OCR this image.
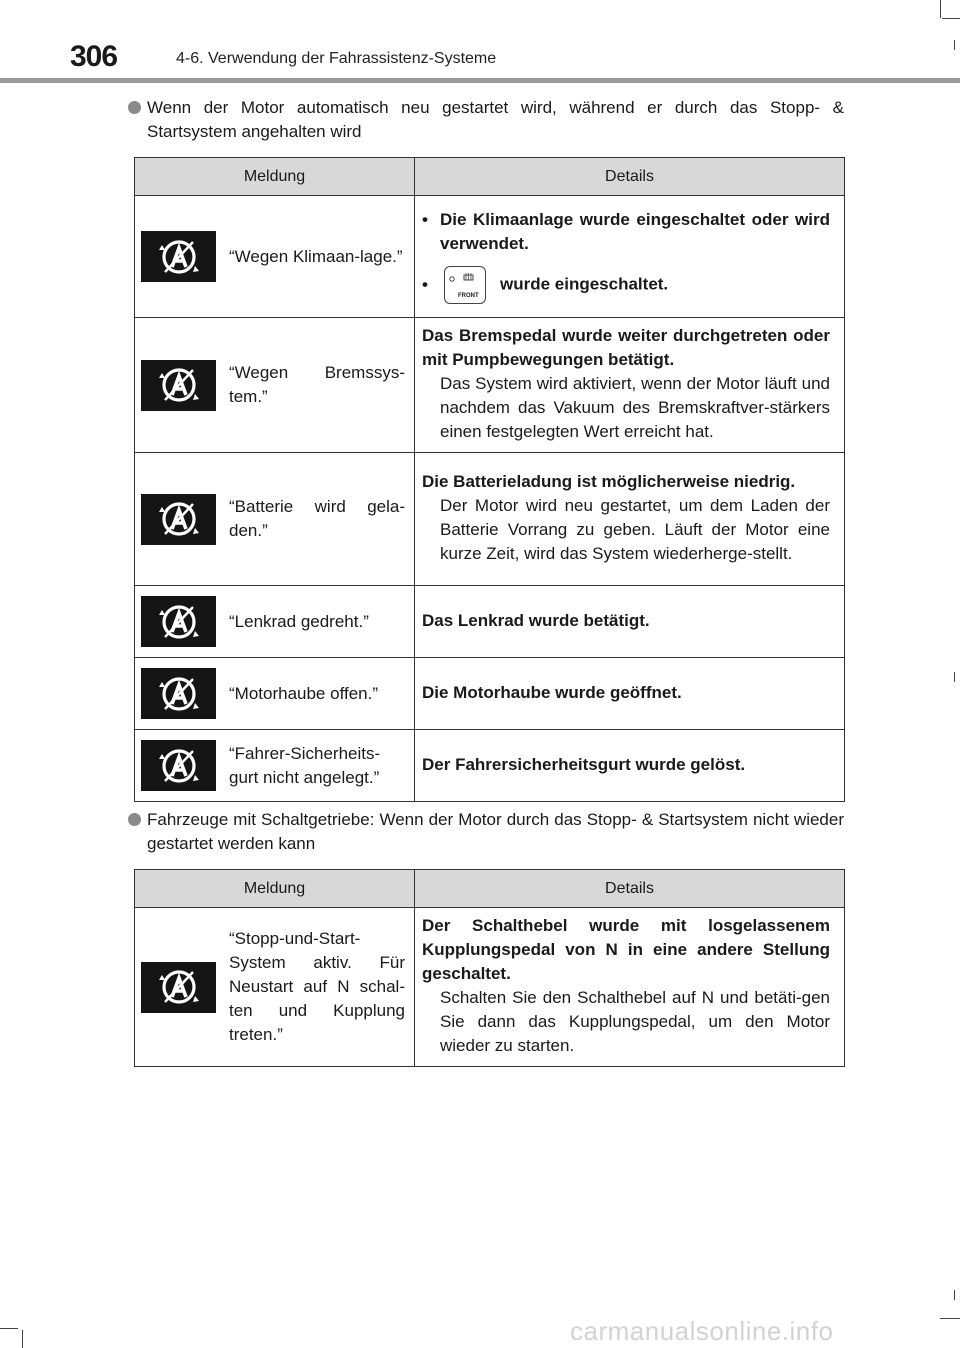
306	4-6. Verwendung der Fahrassistenz-Systeme
Wenn der Motor automatisch neu gestartet wird, während er durch das Stopp- & Startsystem angehalten wird
Meldung	Details

“Wegen Klimaan-lage.”	• Die Klimaanlage wurde eingeschaltet oder wird verwendet.
•
FRONT
wurde eingeschaltet.

“Wegen Bremssys-tem.”	Das Bremspedal wurde weiter durchgetreten oder mit Pumpbewegungen betätigt.
Das System wird aktiviert, wenn der Motor läuft und nachdem das Vakuum des Bremskraftver-stärkers einen festgelegten Wert erreicht hat.

“Batterie wird gela-den.”	Die Batterieladung ist möglicherweise niedrig.
Der Motor wird neu gestartet, um dem Laden der Batterie Vorrang zu geben. Läuft der Motor eine kurze Zeit, wird das System wiederherge-stellt.

“Lenkrad gedreht.”	Das Lenkrad wurde betätigt.

“Motorhaube offen.”	Die Motorhaube wurde geöffnet.

“Fahrer-Sicherheits-gurt nicht angelegt.”	Der Fahrersicherheitsgurt wurde gelöst.
Fahrzeuge mit Schaltgetriebe: Wenn der Motor durch das Stopp- & Startsystem nicht wieder gestartet werden kann
Meldung	Details

“Stopp-und-Start-System aktiv. Für Neustart auf N schal-ten und Kupplung treten.”	Der Schalthebel wurde mit losgelassenem Kupplungspedal von N in eine andere Stellung geschaltet.
Schalten Sie den Schalthebel auf N und betäti-gen Sie dann das Kupplungspedal, um den Motor wieder zu starten.
carmanualsonline.info
